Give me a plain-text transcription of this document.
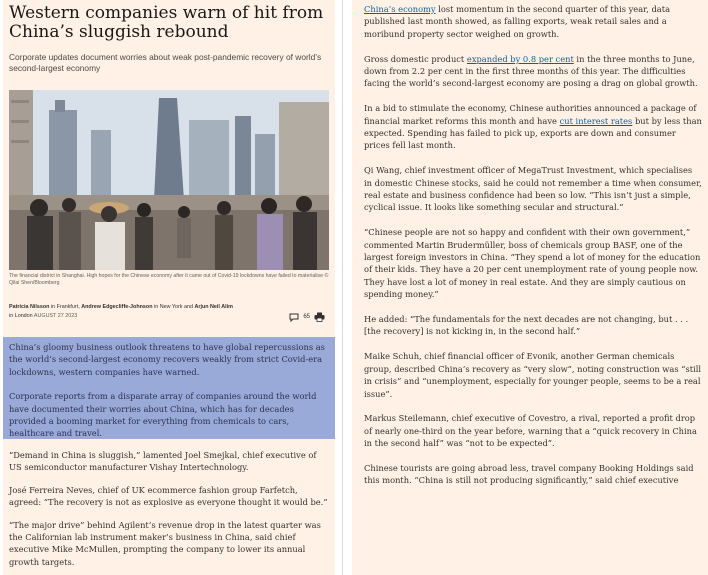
Western companies warn of hit from China’s sluggish rebound
Corporate updates document worries about weak post-pandemic recovery of world’s second-largest economy
The financial district in Shanghai. High hopes for the Chinese economy after it came out of Covid-19 lockdowns have failed to materialise © Qilai Shen/Bloomberg
Patricia Nilsson in Frankfurt, Andrew Edgecliffe-Johnson in New York and Arjun Neil Alim
in London AUGUST 27 2023	65

China’s gloomy business outlook threatens to have global repercussions as the world’s second-largest economy recovers weakly from strict Covid-era lockdowns, western companies have warned.

Corporate reports from a disparate array of companies around the world have documented their worries about China, which has for decades provided a booming market for everything from chemicals to cars, healthcare and travel.

“Demand in China is sluggish,” lamented Joel Smejkal, chief executive of US semiconductor manufacturer Vishay Intertechnology.

José Ferreira Neves, chief of UK ecommerce fashion group Farfetch, agreed: “The recovery is not as explosive as everyone thought it would be.”

“The major drive” behind Agilent’s revenue drop in the latest quarter was the Californian lab instrument maker’s business in China, said chief executive Mike McMullen, prompting the company to lower its annual growth targets.

China’s economy lost momentum in the second quarter of this year, data published last month showed, as falling exports, weak retail sales and a moribund property sector weighed on growth.

Gross domestic product expanded by 0.8 per cent in the three months to June, down from 2.2 per cent in the first three months of this year. The difficulties facing the world’s second-largest economy are posing a drag on global growth.

In a bid to stimulate the economy, Chinese authorities announced a package of financial market reforms this month and have cut interest rates but by less than expected. Spending has failed to pick up, exports are down and consumer prices fell last month.

Qi Wang, chief investment officer of MegaTrust Investment, which specialises in domestic Chinese stocks, said he could not remember a time when consumer, real estate and business confidence had been so low. “This isn’t just a simple, cyclical issue. It looks like something secular and structural.”

“Chinese people are not so happy and confident with their own government,” commented Martin Brudermüller, boss of chemicals group BASF, one of the largest foreign investors in China. “They spend a lot of money for the education of their kids. They have a 20 per cent unemployment rate of young people now. They have lost a lot of money in real estate. And they are simply cautious on spending money.”

He added: “The fundamentals for the next decades are not changing, but . . . [the recovery] is not kicking in, in the second half.”

Maike Schuh, chief financial officer of Evonik, another German chemicals group, described China’s recovery as “very slow”, noting construction was “still in crisis” and “unemployment, especially for younger people, seems to be a real issue”.

Markus Steilemann, chief executive of Covestro, a rival, reported a profit drop of nearly one-third on the year before, warning that a “quick recovery in China in the second half” was “not to be expected”.

Chinese tourists are going abroad less, travel company Booking Holdings said this month. “China is still not producing significantly,” said chief executive
